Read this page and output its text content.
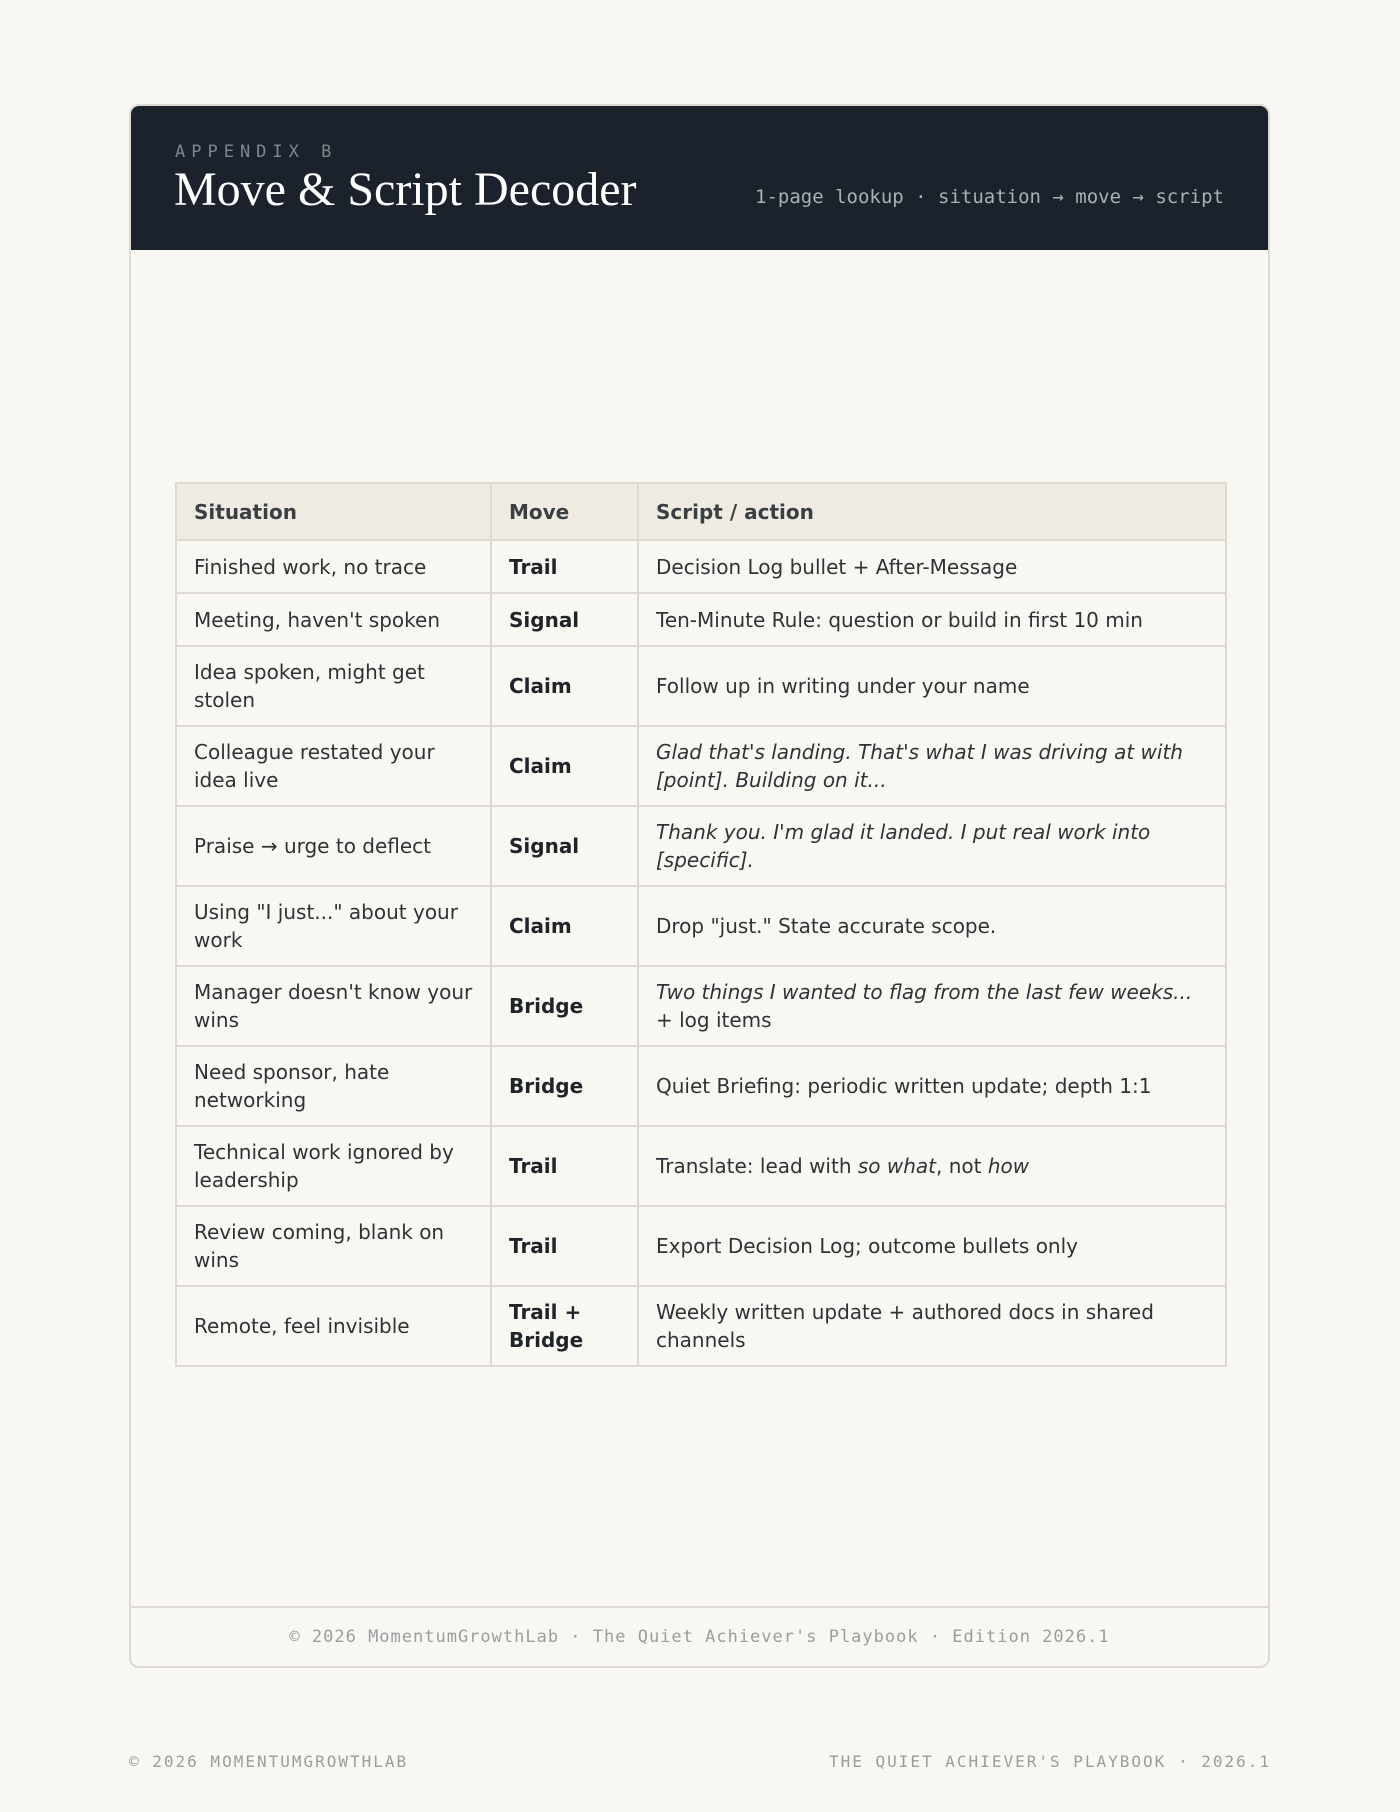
APPENDIX B
Move & Script Decoder	1-page lookup · situation → move → script
Situation	Move	Script / action
Finished work, no trace	Trail	Decision Log bullet + After-Message
Meeting, haven't spoken	Signal	Ten-Minute Rule: question or build in first 10 min
Idea spoken, might get stolen	Claim	Follow up in writing under your name
Colleague restated your idea live	Claim	Glad that's landing. That's what I was driving at with [point]. Building on it...
Praise → urge to deflect	Signal	Thank you. I'm glad it landed. I put real work into [specific].
Using "I just..." about your work	Claim	Drop "just." State accurate scope.
Manager doesn't know your wins	Bridge	Two things I wanted to flag from the last few weeks... + log items
Need sponsor, hate networking	Bridge	Quiet Briefing: periodic written update; depth 1:1
Technical work ignored by leadership	Trail	Translate: lead with so what, not how
Review coming, blank on wins	Trail	Export Decision Log; outcome bullets only
Remote, feel invisible	Trail + Bridge	Weekly written update + authored docs in shared channels
© 2026 MomentumGrowthLab · The Quiet Achiever's Playbook · Edition 2026.1
© 2026 MOMENTUMGROWTHLAB	THE QUIET ACHIEVER'S PLAYBOOK · 2026.1
